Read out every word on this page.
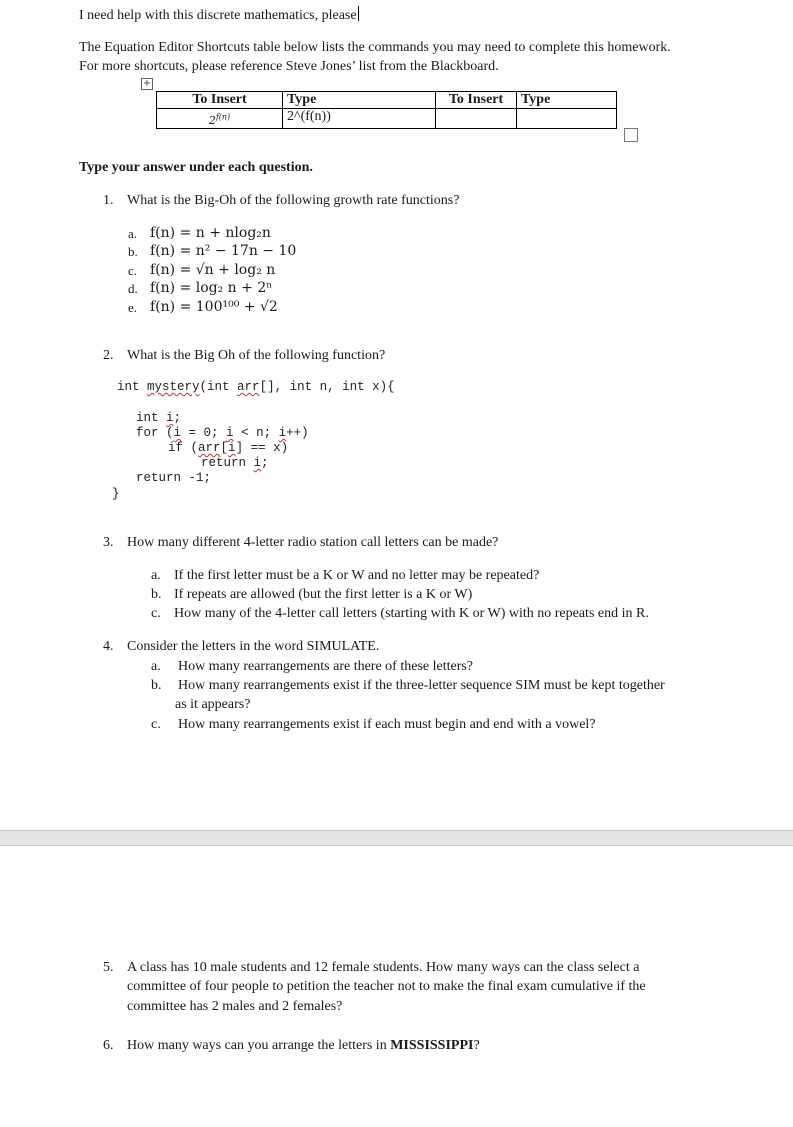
I need help with this discrete mathematics, please
The Equation Editor Shortcuts table below lists the commands you may need to complete this homework.
For more shortcuts, please reference Steve Jones’ list from the Blackboard.
+
To Insert	Type	To Insert	Type
$2^{f(n)}$	2^(f(n))		
Type your answer under each question.
1. What is the Big-Oh of the following growth rate functions?
a. f(n) = n + nlog₂n
b. f(n) = n² − 17n − 10
c. f(n) = √n + log₂ n
d. f(n) = log₂ n + 2ⁿ
e. f(n) = 100¹⁰⁰ + √2
2. What is the Big Oh of the following function?
int mystery(int arr[], int n, int x){
int i;
for (i = 0; i < n; i++)
if (arr[i] == x)
return i;
return -1;
}
3. How many different 4-letter radio station call letters can be made?
a. If the first letter must be a K or W and no letter may be repeated?
b. If repeats are allowed (but the first letter is a K or W)
c. How many of the 4-letter call letters (starting with K or W) with no repeats end in R.
4. Consider the letters in the word SIMULATE.
a. How many rearrangements are there of these letters?
b. How many rearrangements exist if the three-letter sequence SIM must be kept together
as it appears?
c. How many rearrangements exist if each must begin and end with a vowel?
5. A class has 10 male students and 12 female students. How many ways can the class select a
committee of four people to petition the teacher not to make the final exam cumulative if the
committee has 2 males and 2 females?
6. How many ways can you arrange the letters in MISSISSIPPI?
